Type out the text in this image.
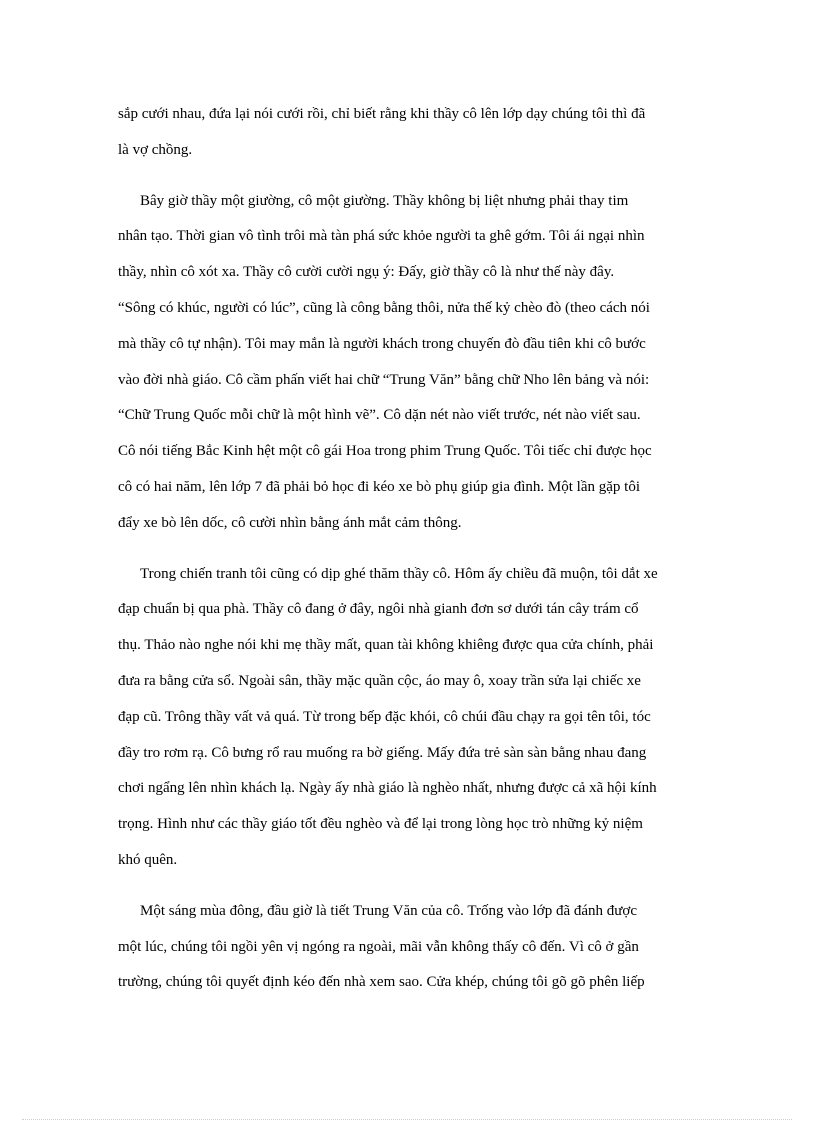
sắp cưới nhau, đứa lại nói cưới rồi, chỉ biết rằng khi thầy cô lên lớp dạy chúng tôi thì đã
là vợ chồng.
Bây giờ thầy một giường, cô một giường. Thầy không bị liệt nhưng phải thay tim
nhân tạo. Thời gian vô tình trôi mà tàn phá sức khỏe người ta ghê gớm. Tôi ái ngại nhìn
thầy, nhìn cô xót xa. Thầy cô cười cười ngụ ý: Đấy, giờ thầy cô là như thế này đây.
“Sông có khúc, người có lúc”, cũng là công bằng thôi, nửa thế kỷ chèo đò (theo cách nói
mà thầy cô tự nhận). Tôi may mắn là người khách trong chuyến đò đầu tiên khi cô bước
vào đời nhà giáo. Cô cầm phấn viết hai chữ “Trung Văn” bằng chữ Nho lên bảng và nói:
“Chữ Trung Quốc mỗi chữ là một hình vẽ”. Cô dặn nét nào viết trước, nét nào viết sau.
Cô nói tiếng Bắc Kinh hệt một cô gái Hoa trong phim Trung Quốc. Tôi tiếc chỉ được học
cô có hai năm, lên lớp 7 đã phải bỏ học đi kéo xe bò phụ giúp gia đình. Một lần gặp tôi
đẩy xe bò lên dốc, cô cười nhìn bằng ánh mắt cảm thông.
Trong chiến tranh tôi cũng có dịp ghé thăm thầy cô. Hôm ấy chiều đã muộn, tôi dắt xe
đạp chuẩn bị qua phà. Thầy cô đang ở đây, ngôi nhà gianh đơn sơ dưới tán cây trám cổ
thụ. Thảo nào nghe nói khi mẹ thầy mất, quan tài không khiêng được qua cửa chính, phải
đưa ra bằng cửa sổ. Ngoài sân, thầy mặc quần cộc, áo may ô, xoay trần sửa lại chiếc xe
đạp cũ. Trông thầy vất vả quá. Từ trong bếp đặc khói, cô chúi đầu chạy ra gọi tên tôi, tóc
đầy tro rơm rạ. Cô bưng rổ rau muống ra bờ giếng. Mấy đứa trẻ sàn sàn bằng nhau đang
chơi ngẩng lên nhìn khách lạ. Ngày ấy nhà giáo là nghèo nhất, nhưng được cả xã hội kính
trọng. Hình như các thầy giáo tốt đều nghèo và để lại trong lòng học trò những kỷ niệm
khó quên.
Một sáng mùa đông, đầu giờ là tiết Trung Văn của cô. Trống vào lớp đã đánh được
một lúc, chúng tôi ngồi yên vị ngóng ra ngoài, mãi vẫn không thấy cô đến. Vì cô ở gần
trường, chúng tôi quyết định kéo đến nhà xem sao. Cửa khép, chúng tôi gõ gõ phên liếp
